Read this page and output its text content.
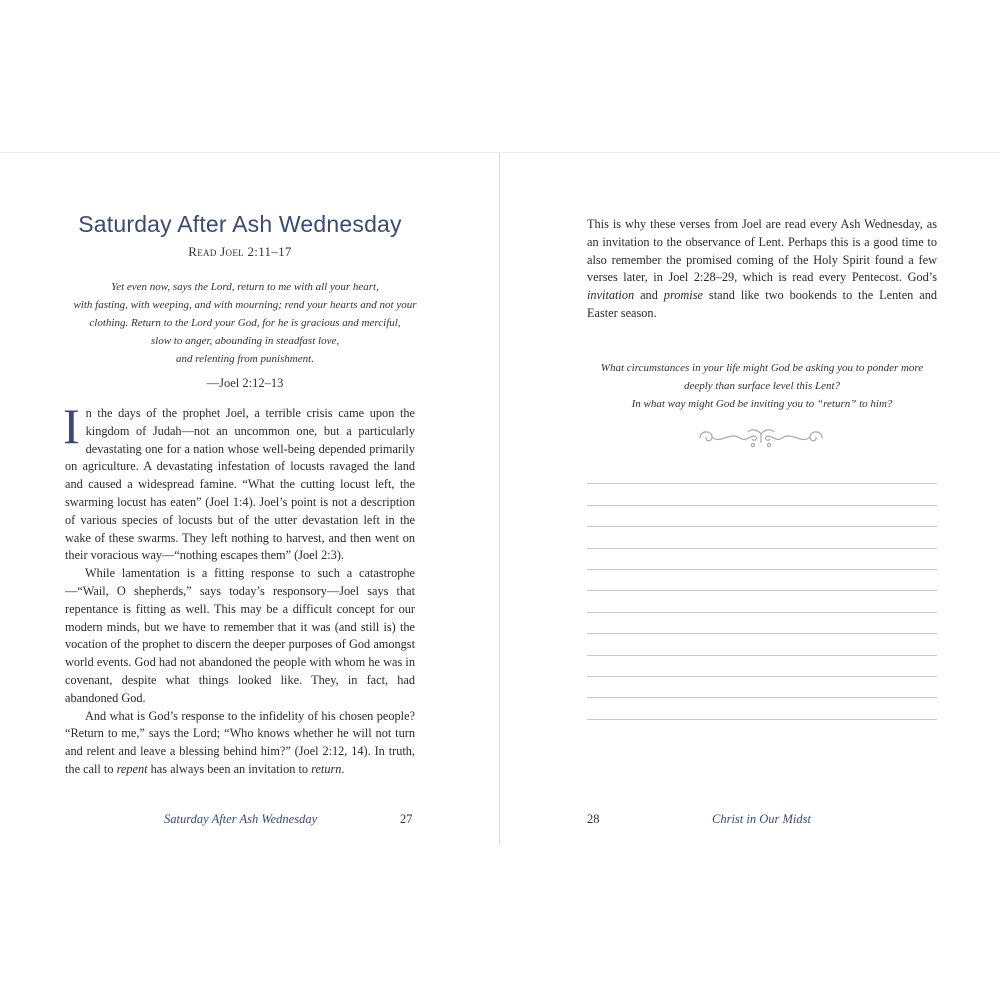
Saturday After Ash Wednesday
Read Joel 2:11–17
Yet even now, says the Lord, return to me with all your heart,
with fasting, with weeping, and with mourning; rend your hearts and not your
clothing. Return to the Lord your God, for he is gracious and merciful,
slow to anger, abounding in steadfast love,
and relenting from punishment.
—Joel 2:12–13

In the days of the prophet Joel, a terrible crisis came upon the kingdom of Judah—not an uncommon one, but a particularly devastating one for a nation whose well-being depended primarily on agriculture. A devastating infestation of locusts ravaged the land and caused a widespread famine. “What the cutting locust left, the swarming locust has eaten” (Joel 1:4). Joel’s point is not a description of various species of locusts but of the utter devastation left in the wake of these swarms. They left nothing to harvest, and then went on their voracious way—“nothing escapes them” (Joel 2:3).

While lamentation is a fitting response to such a catastrophe—“Wail, O shepherds,” says today’s responsory—Joel says that repentance is fitting as well. This may be a difficult concept for our modern minds, but we have to remember that it was (and still is) the vocation of the prophet to discern the deeper purposes of God amongst world events. God had not abandoned the people with whom he was in covenant, despite what things looked like. They, in fact, had abandoned God.

And what is God’s response to the infidelity of his chosen people? “Return to me,” says the Lord; “Who knows whether he will not turn and relent and leave a blessing behind him?” (Joel 2:12, 14). In truth, the call to repent has always been an invitation to return.

Saturday After Ash Wednesday	27

This is why these verses from Joel are read every Ash Wednesday, as an invitation to the observance of Lent. Perhaps this is a good time to also remember the promised coming of the Holy Spirit found a few verses later, in Joel 2:28–29, which is read every Pentecost. God’s invitation and promise stand like two bookends to the Lenten and Easter season.

What circumstances in your life might God be asking you to ponder more
deeply than surface level this Lent?
In what way might God be inviting you to “return” to him?
28	Christ in Our Midst
